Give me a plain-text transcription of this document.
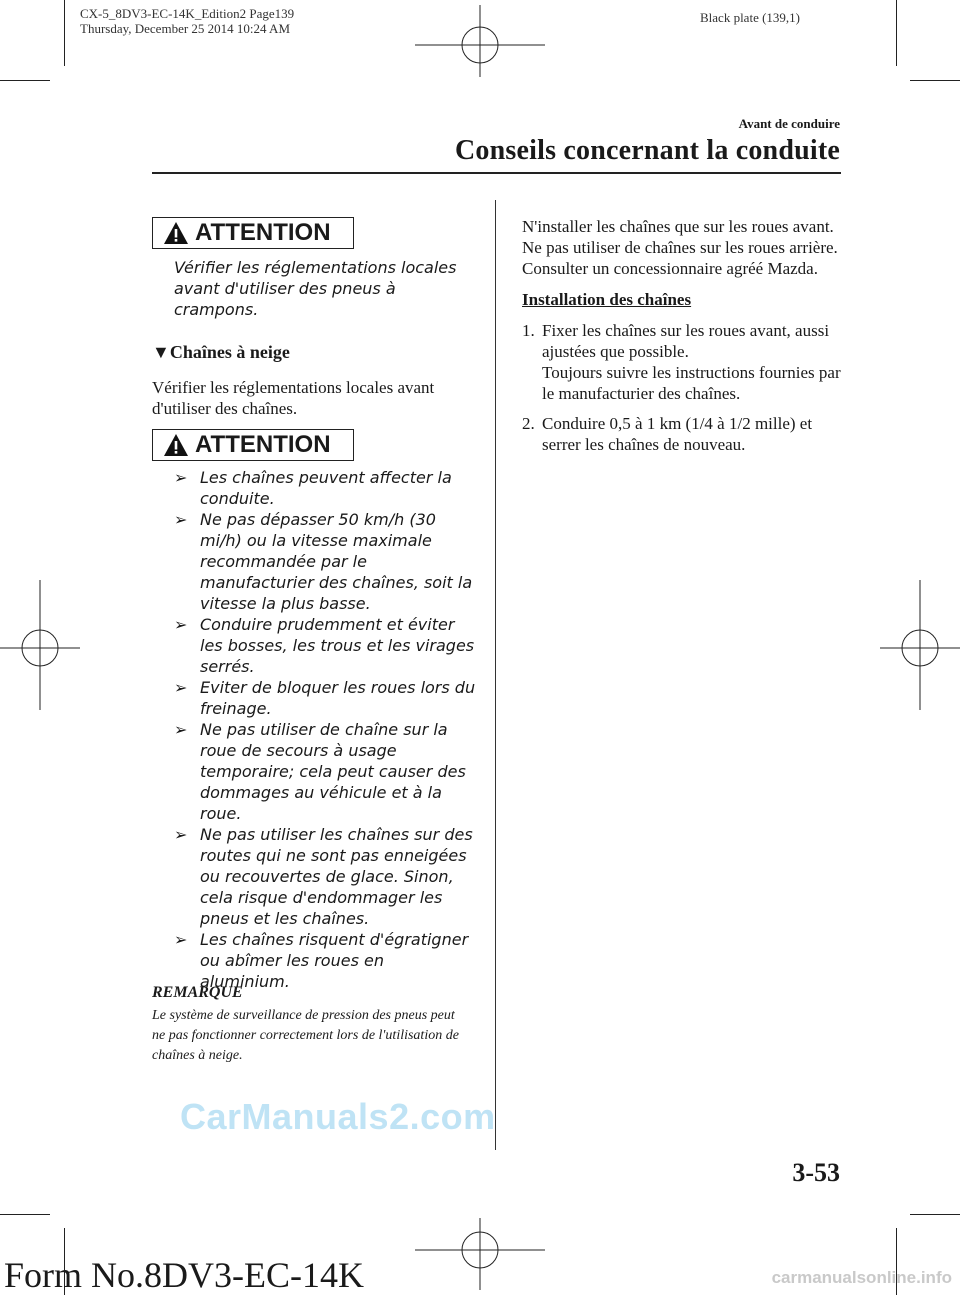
CX-5_8DV3-EC-14K_Edition2 Page139
Thursday, December 25 2014 10:24 AM
Black plate (139,1)
Avant de conduire
Conseils concernant la conduite
ATTENTION
Vérifier les réglementations locales avant d'utiliser des pneus à crampons.
▼Chaînes à neige
Vérifier les réglementations locales avant d'utiliser des chaînes.
ATTENTION
➢ Les chaînes peuvent affecter la conduite.
➢ Ne pas dépasser 50 km/h (30 mi/h) ou la vitesse maximale recommandée par le manufacturier des chaînes, soit la vitesse la plus basse.
➢ Conduire prudemment et éviter les bosses, les trous et les virages serrés.
➢ Eviter de bloquer les roues lors du freinage.
➢ Ne pas utiliser de chaîne sur la roue de secours à usage temporaire; cela peut causer des dommages au véhicule et à la roue.
➢ Ne pas utiliser les chaînes sur des routes qui ne sont pas enneigées ou recouvertes de glace. Sinon, cela risque d'endommager les pneus et les chaînes.
➢ Les chaînes risquent d'égratigner ou abîmer les roues en aluminium.
REMARQUE
Le système de surveillance de pression des pneus peut ne pas fonctionner correctement lors de l'utilisation de chaînes à neige.
N'installer les chaînes que sur les roues avant.
Ne pas utiliser de chaînes sur les roues arrière.
Consulter un concessionnaire agréé Mazda.
Installation des chaînes
1. Fixer les chaînes sur les roues avant, aussi ajustées que possible.
Toujours suivre les instructions fournies par le manufacturier des chaînes.
2. Conduire 0,5 à 1 km (1/4 à 1/2 mille) et serrer les chaînes de nouveau.
CarManuals2.com
3-53
Form No.8DV3-EC-14K	carmanualsonline.info
